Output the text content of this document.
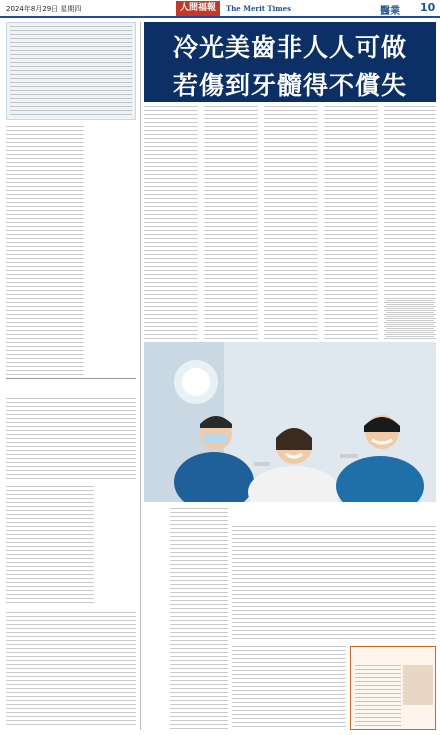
2024年8月29日 星期四	人間福報	The Merit Times	醫業 10
冷光美齒非人人可做
若傷到牙髓得不償失
